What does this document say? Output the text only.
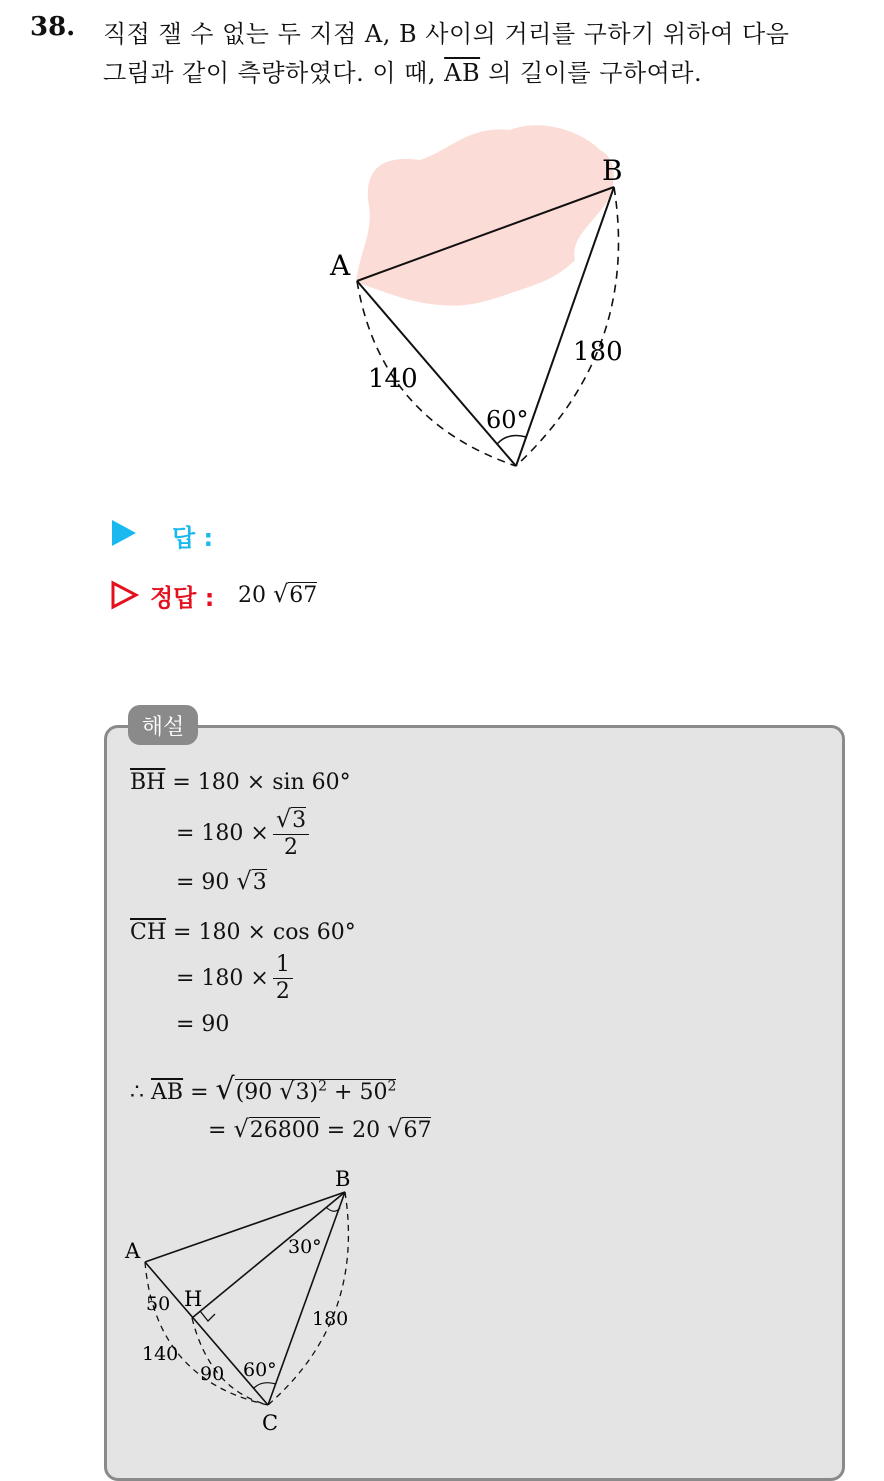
38. 직접 잴 수 없는 두 지점 A, B 사이의 거리를 구하기 위하여 다음
그림과 같이 측량하였다. 이 때, $\overline{AB}$ 의 길이를 구하여라.
A
B
140
180
60°
답 :
정답 : 20 √67
해설
$\overline{BH} = 180 \times \sin 60^\circ$
= $180 \times \frac{√3}{2}$
= 90 √3
$\overline{CH} = 180 \times \cos 60^\circ$
= $180 \times \frac{1}{2}$
= 90
∴ $\overline{AB} = √(90$ $√3)^2 + 50^2$
= √26800 = 20 √67
A
B
C
H
50
140
90 60°
180
30°
